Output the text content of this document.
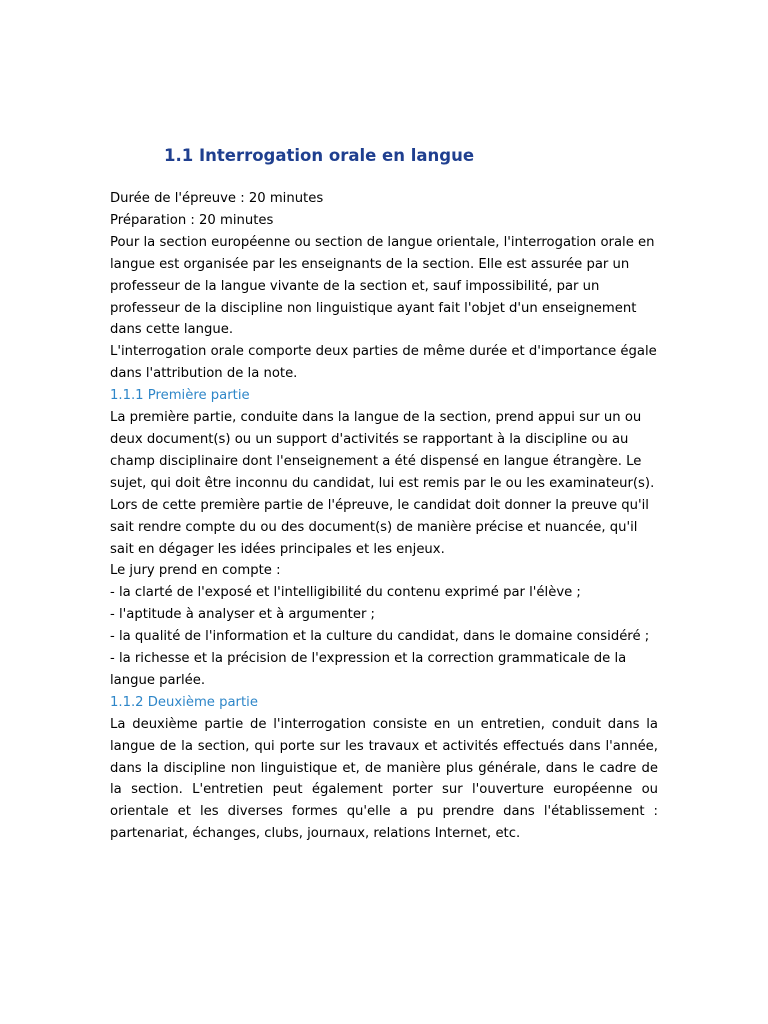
1.1 Interrogation orale en langue

Durée de l'épreuve : 20 minutes

Préparation : 20 minutes

Pour la section européenne ou section de langue orientale, l'interrogation orale en langue est organisée par les enseignants de la section. Elle est assurée par un professeur de la langue vivante de la section et, sauf impossibilité, par un professeur de la discipline non linguistique ayant fait l'objet d'un enseignement dans cette langue.

L'interrogation orale comporte deux parties de même durée et d'importance égale dans l'attribution de la note.

1.1.1 Première partie

La première partie, conduite dans la langue de la section, prend appui sur un ou deux document(s) ou un support d'activités se rapportant à la discipline ou au champ disciplinaire dont l'enseignement a été dispensé en langue étrangère. Le sujet, qui doit être inconnu du candidat, lui est remis par le ou les examinateur(s).

Lors de cette première partie de l'épreuve, le candidat doit donner la preuve qu'il sait rendre compte du ou des document(s) de manière précise et nuancée, qu'il sait en dégager les idées principales et les enjeux.

Le jury prend en compte :

- la clarté de l'exposé et l'intelligibilité du contenu exprimé par l'élève ;

- l'aptitude à analyser et à argumenter ;

- la qualité de l'information et la culture du candidat, dans le domaine considéré ;

- la richesse et la précision de l'expression et la correction grammaticale de la langue parlée.

1.1.2 Deuxième partie

La deuxième partie de l'interrogation consiste en un entretien, conduit dans la langue de la section, qui porte sur les travaux et activités effectués dans l'année, dans la discipline non linguistique et, de manière plus générale, dans le cadre de la section. L'entretien peut également porter sur l'ouverture européenne ou orientale et les diverses formes qu'elle a pu prendre dans l'établissement : partenariat, échanges, clubs, journaux, relations Internet, etc.
